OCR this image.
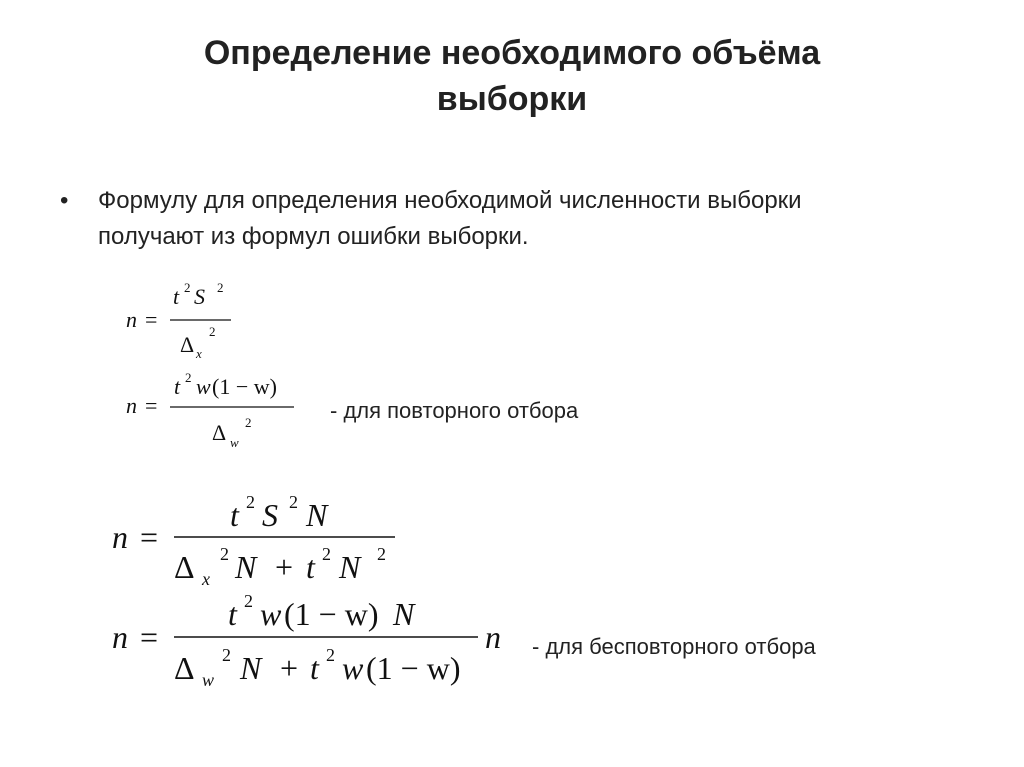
Определение необходимого объёма
выборки
• Формулу для определения необходимой численности выборки
получают из формул ошибки выборки.
n =
t 2 S 2
Δ x
2
n =
t 2 w (1 − w)
Δ w
2
n =
t 2 S 2 N
Δ x
2 N + t 2 N 2
n =
t 2 w (1 − w) N
Δ w
2 N + t 2 w (1 − w)
n
- для повторного отбора
- для бесповторного отбора
